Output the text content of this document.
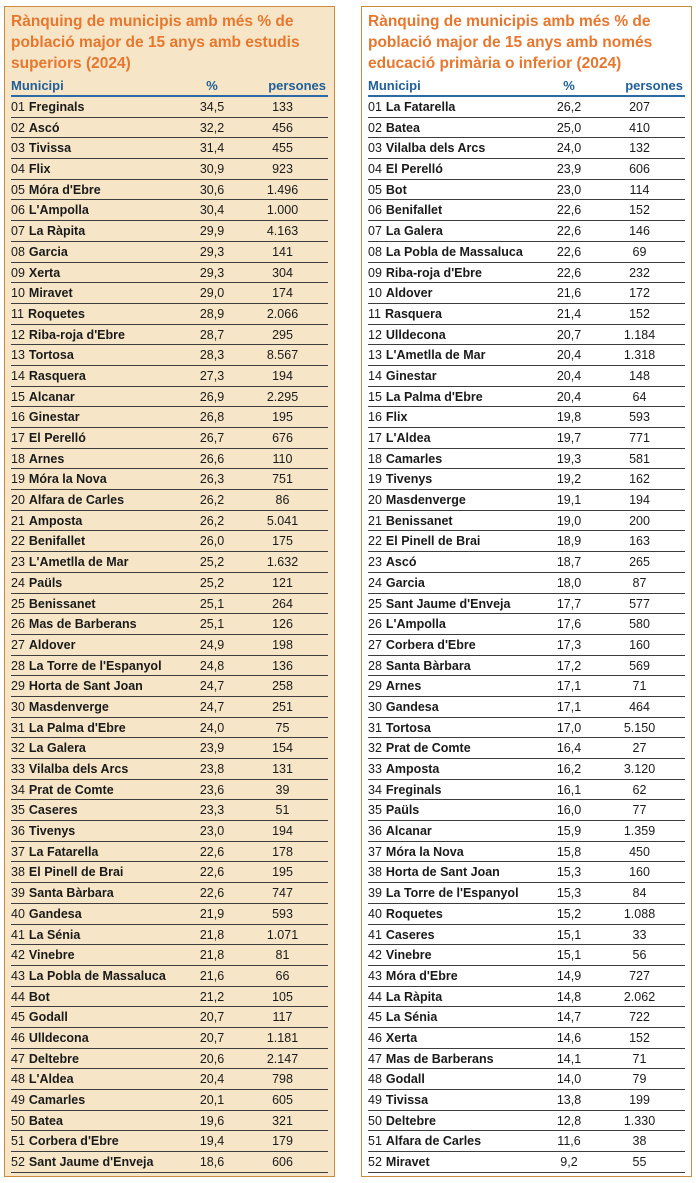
Rànquing de municipis amb més % de població major de 15 anys amb estudis superiors (2024)
Municipi	%	persones
01 Freginals	34,5	133
02 Ascó	32,2	456
03 Tivissa	31,4	455
04 Flix	30,9	923
05 Móra d'Ebre	30,6	1.496
06 L'Ampolla	30,4	1.000
07 La Ràpita	29,9	4.163
08 Garcia	29,3	141
09 Xerta	29,3	304
10 Miravet	29,0	174
11 Roquetes	28,9	2.066
12 Riba-roja d'Ebre	28,7	295
13 Tortosa	28,3	8.567
14 Rasquera	27,3	194
15 Alcanar	26,9	2.295
16 Ginestar	26,8	195
17 El Perelló	26,7	676
18 Arnes	26,6	110
19 Móra la Nova	26,3	751
20 Alfara de Carles	26,2	86
21 Amposta	26,2	5.041
22 Benifallet	26,0	175
23 L'Ametlla de Mar	25,2	1.632
24 Paüls	25,2	121
25 Benissanet	25,1	264
26 Mas de Barberans	25,1	126
27 Aldover	24,9	198
28 La Torre de l'Espanyol	24,8	136
29 Horta de Sant Joan	24,7	258
30 Masdenverge	24,7	251
31 La Palma d'Ebre	24,0	75
32 La Galera	23,9	154
33 Vilalba dels Arcs	23,8	131
34 Prat de Comte	23,6	39
35 Caseres	23,3	51
36 Tivenys	23,0	194
37 La Fatarella	22,6	178
38 El Pinell de Brai	22,6	195
39 Santa Bàrbara	22,6	747
40 Gandesa	21,9	593
41 La Sénia	21,8	1.071
42 Vinebre	21,8	81
43 La Pobla de Massaluca	21,6	66
44 Bot	21,2	105
45 Godall	20,7	117
46 Ulldecona	20,7	1.181
47 Deltebre	20,6	2.147
48 L'Aldea	20,4	798
49 Camarles	20,1	605
50 Batea	19,6	321
51 Corbera d'Ebre	19,4	179
52 Sant Jaume d'Enveja	18,6	606
Rànquing de municipis amb més % de població major de 15 anys amb només educació primària o inferior (2024)
Municipi	%	persones
01 La Fatarella	26,2	207
02 Batea	25,0	410
03 Vilalba dels Arcs	24,0	132
04 El Perelló	23,9	606
05 Bot	23,0	114
06 Benifallet	22,6	152
07 La Galera	22,6	146
08 La Pobla de Massaluca	22,6	69
09 Riba-roja d'Ebre	22,6	232
10 Aldover	21,6	172
11 Rasquera	21,4	152
12 Ulldecona	20,7	1.184
13 L'Ametlla de Mar	20,4	1.318
14 Ginestar	20,4	148
15 La Palma d'Ebre	20,4	64
16 Flix	19,8	593
17 L'Aldea	19,7	771
18 Camarles	19,3	581
19 Tivenys	19,2	162
20 Masdenverge	19,1	194
21 Benissanet	19,0	200
22 El Pinell de Brai	18,9	163
23 Ascó	18,7	265
24 Garcia	18,0	87
25 Sant Jaume d'Enveja	17,7	577
26 L'Ampolla	17,6	580
27 Corbera d'Ebre	17,3	160
28 Santa Bàrbara	17,2	569
29 Arnes	17,1	71
30 Gandesa	17,1	464
31 Tortosa	17,0	5.150
32 Prat de Comte	16,4	27
33 Amposta	16,2	3.120
34 Freginals	16,1	62
35 Paüls	16,0	77
36 Alcanar	15,9	1.359
37 Móra la Nova	15,8	450
38 Horta de Sant Joan	15,3	160
39 La Torre de l'Espanyol	15,3	84
40 Roquetes	15,2	1.088
41 Caseres	15,1	33
42 Vinebre	15,1	56
43 Móra d'Ebre	14,9	727
44 La Ràpita	14,8	2.062
45 La Sénia	14,7	722
46 Xerta	14,6	152
47 Mas de Barberans	14,1	71
48 Godall	14,0	79
49 Tivissa	13,8	199
50 Deltebre	12,8	1.330
51 Alfara de Carles	11,6	38
52 Miravet	9,2	55
